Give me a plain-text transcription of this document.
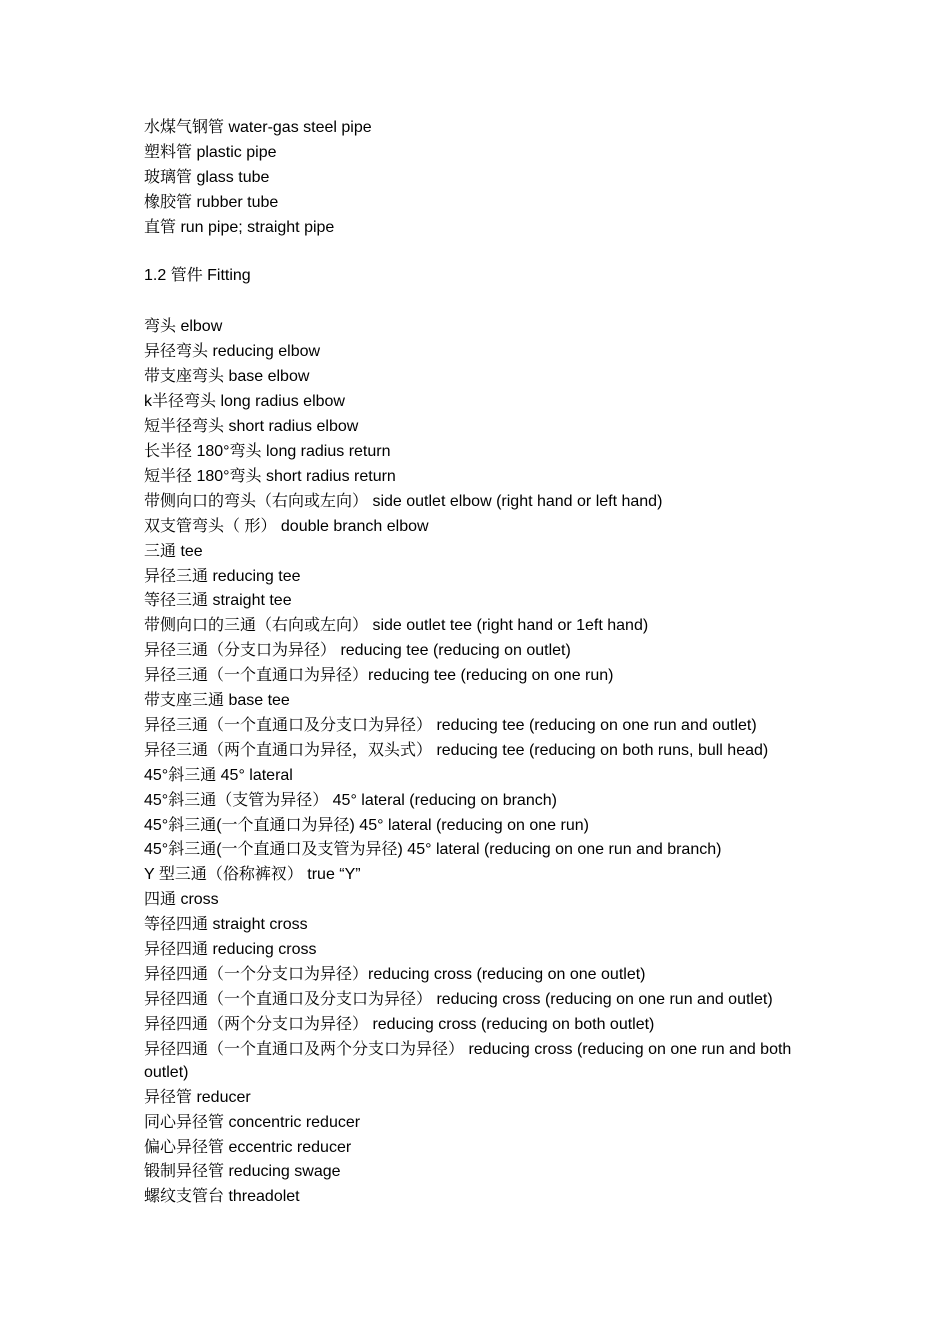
水煤气钢管 water-gas steel pipe
塑料管 plastic pipe
玻璃管 glass tube
橡胶管 rubber tube
直管 run pipe; straight pipe
1.2 管件 Fitting
弯头 elbow
异径弯头 reducing elbow
带支座弯头 base elbow
k半径弯头 long radius elbow
短半径弯头 short radius elbow
长半径 180°弯头 long radius return
短半径 180°弯头 short radius return
带侧向口的弯头（右向或左向） side outlet elbow (right hand or left hand)
双支管弯头（ 形） double branch elbow
三通 tee
异径三通 reducing tee
等径三通 straight tee
带侧向口的三通（右向或左向） side outlet tee (right hand or 1eft hand)
异径三通（分支口为异径） reducing tee (reducing on outlet)
异径三通（一个直通口为异径）reducing tee (reducing on one run)
带支座三通 base tee
异径三通（一个直通口及分支口为异径） reducing tee (reducing on one run and outlet)
异径三通（两个直通口为异径，双头式） reducing tee (reducing on both runs, bull head)
45°斜三通 45° lateral
45°斜三通（支管为异径） 45° lateral (reducing on branch)
45°斜三通(一个直通口为异径) 45° lateral (reducing on one run)
45°斜三通(一个直通口及支管为异径) 45° lateral (reducing on one run and branch)
Y 型三通（俗称裤衩） true “Y”
四通 cross
等径四通 straight cross
异径四通 reducing cross
异径四通（一个分支口为异径）reducing cross (reducing on one outlet)
异径四通（一个直通口及分支口为异径） reducing cross (reducing on one run and outlet)
异径四通（两个分支口为异径） reducing cross (reducing on both outlet)
异径四通（一个直通口及两个分支口为异径） reducing cross (reducing on one run and both outlet)
异径管 reducer
同心异径管 concentric reducer
偏心异径管 eccentric reducer
锻制异径管 reducing swage
螺纹支管台 threadolet
